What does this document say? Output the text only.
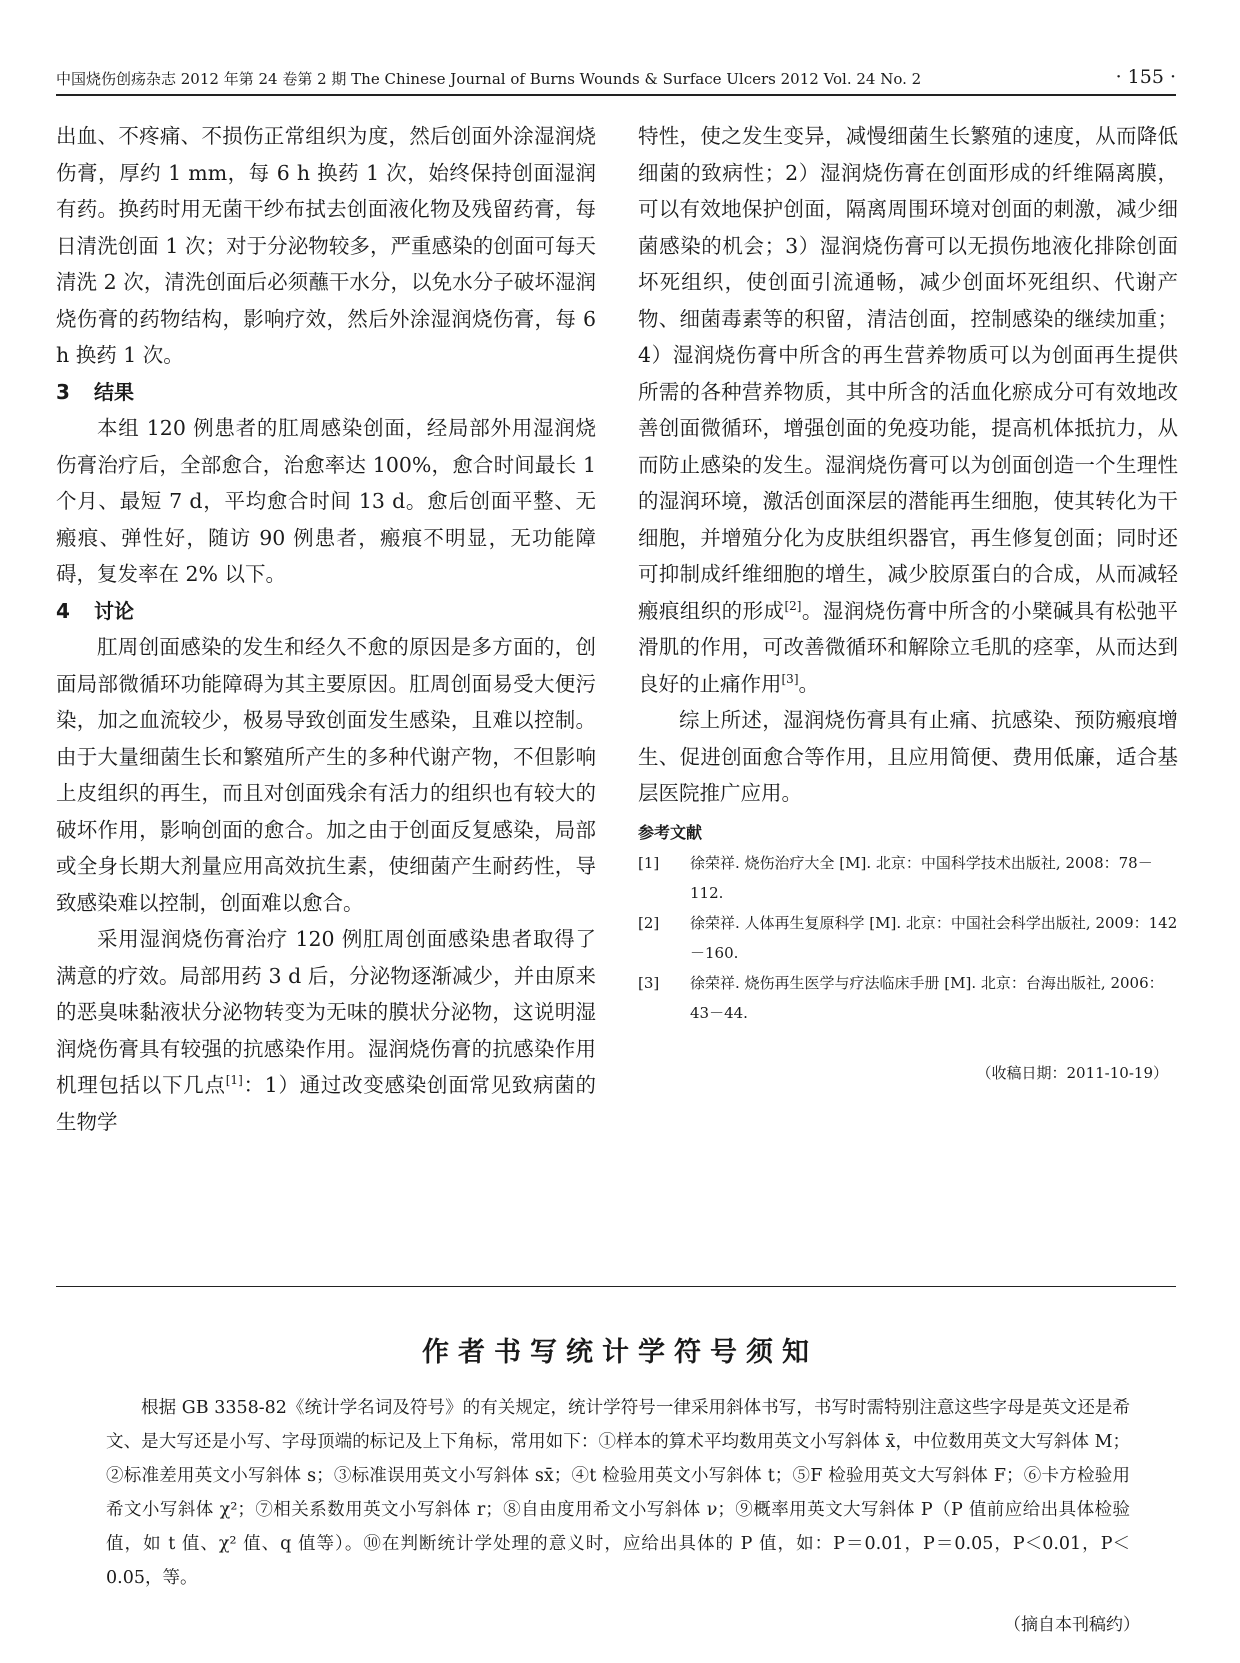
中国烧伤创疡杂志 2012 年第 24 卷第 2 期 The Chinese Journal of Burns Wounds & Surface Ulcers 2012 Vol. 24 No. 2	· 155 ·

出血、不疼痛、不损伤正常组织为度，然后创面外涂湿润烧伤膏，厚约 1 mm，每 6 h 换药 1 次，始终保持创面湿润有药。换药时用无菌干纱布拭去创面液化物及残留药膏，每日清洗创面 1 次；对于分泌物较多，严重感染的创面可每天清洗 2 次，清洗创面后必须蘸干水分，以免水分子破坏湿润烧伤膏的药物结构，影响疗效，然后外涂湿润烧伤膏，每 6 h 换药 1 次。

3 结果

本组 120 例患者的肛周感染创面，经局部外用湿润烧伤膏治疗后，全部愈合，治愈率达 100%，愈合时间最长 1 个月、最短 7 d，平均愈合时间 13 d。愈后创面平整、无瘢痕、弹性好，随访 90 例患者，瘢痕不明显，无功能障碍，复发率在 2% 以下。

4 讨论

肛周创面感染的发生和经久不愈的原因是多方面的，创面局部微循环功能障碍为其主要原因。肛周创面易受大便污染，加之血流较少，极易导致创面发生感染，且难以控制。由于大量细菌生长和繁殖所产生的多种代谢产物，不但影响上皮组织的再生，而且对创面残余有活力的组织也有较大的破坏作用，影响创面的愈合。加之由于创面反复感染，局部或全身长期大剂量应用高效抗生素，使细菌产生耐药性，导致感染难以控制，创面难以愈合。

采用湿润烧伤膏治疗 120 例肛周创面感染患者取得了满意的疗效。局部用药 3 d 后，分泌物逐渐减少，并由原来的恶臭味黏液状分泌物转变为无味的膜状分泌物，这说明湿润烧伤膏具有较强的抗感染作用。湿润烧伤膏的抗感染作用机理包括以下几点[1]：1）通过改变感染创面常见致病菌的生物学

特性，使之发生变异，减慢细菌生长繁殖的速度，从而降低细菌的致病性；2）湿润烧伤膏在创面形成的纤维隔离膜，可以有效地保护创面，隔离周围环境对创面的刺激，减少细菌感染的机会；3）湿润烧伤膏可以无损伤地液化排除创面坏死组织，使创面引流通畅，减少创面坏死组织、代谢产物、细菌毒素等的积留，清洁创面，控制感染的继续加重；4）湿润烧伤膏中所含的再生营养物质可以为创面再生提供所需的各种营养物质，其中所含的活血化瘀成分可有效地改善创面微循环，增强创面的免疫功能，提高机体抵抗力，从而防止感染的发生。湿润烧伤膏可以为创面创造一个生理性的湿润环境，激活创面深层的潜能再生细胞，使其转化为干细胞，并增殖分化为皮肤组织器官，再生修复创面；同时还可抑制成纤维细胞的增生，减少胶原蛋白的合成，从而减轻瘢痕组织的形成[2]。湿润烧伤膏中所含的小檗碱具有松弛平滑肌的作用，可改善微循环和解除立毛肌的痉挛，从而达到良好的止痛作用[3]。

综上所述，湿润烧伤膏具有止痛、抗感染、预防瘢痕增生、促进创面愈合等作用，且应用简便、费用低廉，适合基层医院推广应用。

参考文献
[1] 徐荣祥. 烧伤治疗大全 [M]. 北京：中国科学技术出版社, 2008：78－112.
[2] 徐荣祥. 人体再生复原科学 [M]. 北京：中国社会科学出版社, 2009：142－160.
[3] 徐荣祥. 烧伤再生医学与疗法临床手册 [M]. 北京：台海出版社, 2006：43－44.
（收稿日期：2011-10-19）
作者书写统计学符号须知
根据 GB 3358-82《统计学名词及符号》的有关规定，统计学符号一律采用斜体书写，书写时需特别注意这些字母是英文还是希文、是大写还是小写、字母顶端的标记及上下角标，常用如下：①样本的算术平均数用英文小写斜体 x̄，中位数用英文大写斜体 M；②标准差用英文小写斜体 s；③标准误用英文小写斜体 sx̄；④t 检验用英文小写斜体 t；⑤F 检验用英文大写斜体 F；⑥卡方检验用希文小写斜体 χ²；⑦相关系数用英文小写斜体 r；⑧自由度用希文小写斜体 ν；⑨概率用英文大写斜体 P（P 值前应给出具体检验值，如 t 值、χ² 值、q 值等）。⑩在判断统计学处理的意义时，应给出具体的 P 值，如：P＝0.01，P＝0.05，P＜0.01，P＜0.05，等。
（摘自本刊稿约）
